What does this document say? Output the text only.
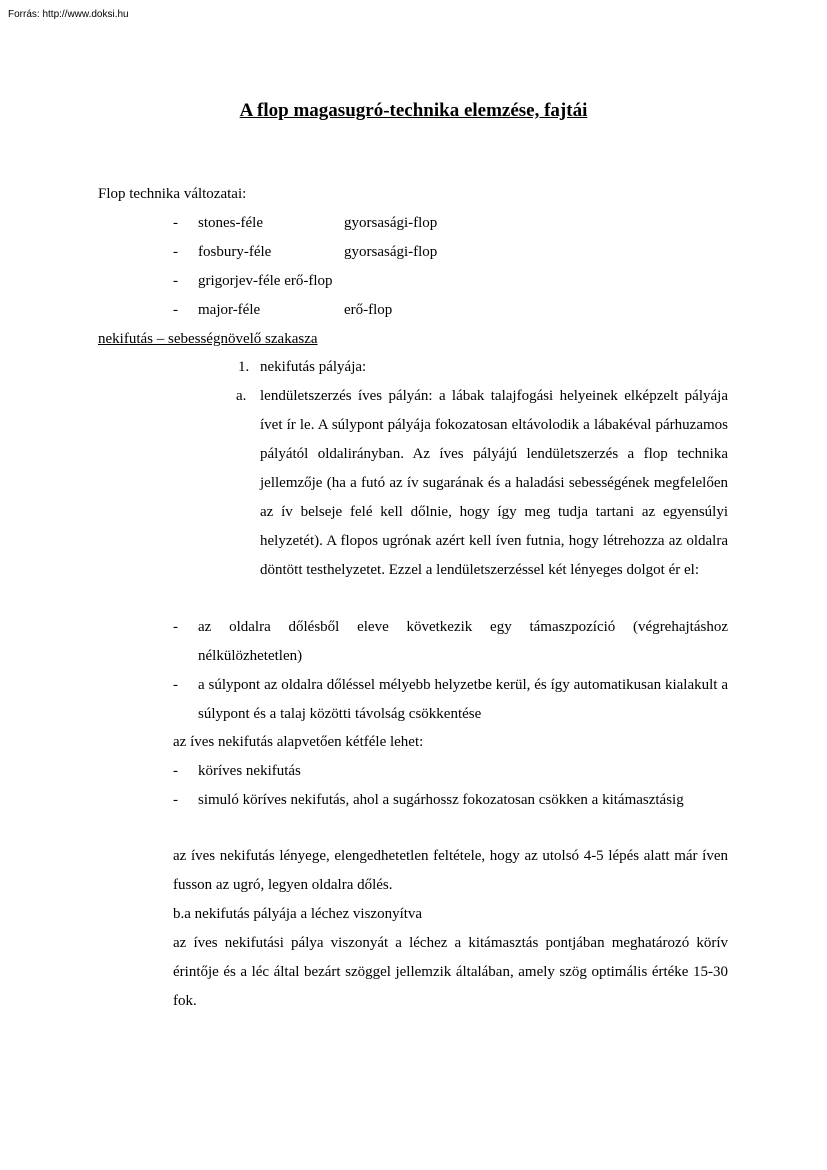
Forrás: http://www.doksi.hu
A flop magasugró-technika elemzése, fajtái
Flop technika változatai:
- stones-féle	gyorsasági-flop
- fosbury-féle	gyorsasági-flop
- grigorjev-féle erő-flop
- major-féle	erő-flop
nekifutás – sebességnövelő szakasza
1. nekifutás pályája:
a. lendületszerzés íves pályán: a lábak talajfogási helyeinek elképzelt pályája ívet ír le. A súlypont pályája fokozatosan eltávolodik a lábakéval párhuzamos pályától oldalirányban. Az íves pályájú lendületszerzés a flop technika jellemzője (ha a futó az ív sugarának és a haladási sebességének megfelelően az ív belseje felé kell dőlnie, hogy így meg tudja tartani az egyensúlyi helyzetét). A flopos ugrónak azért kell íven futnia, hogy létrehozza az oldalra döntött testhelyzetet. Ezzel a lendületszerzéssel két lényeges dolgot ér el:

- az oldalra dőlésből eleve következik egy támaszpozíció (végrehajtáshoz nélkülözhetetlen)

- a súlypont az oldalra dőléssel mélyebb helyzetbe kerül, és így automatikusan kialakult a súlypont és a talaj közötti távolság csökkentése

az íves nekifutás alapvetően kétféle lehet:
- köríves nekifutás
- simuló köríves nekifutás, ahol a sugárhossz fokozatosan csökken a kitámasztásig

az íves nekifutás lényege, elengedhetetlen feltétele, hogy az utolsó 4-5 lépés alatt már íven fusson az ugró, legyen oldalra dőlés.

b.a nekifutás pályája a léchez viszonyítva

az íves nekifutási pálya viszonyát a léchez a kitámasztás pontjában meghatározó körív érintője és a léc által bezárt szöggel jellemzik általában, amely szög optimális értéke 15-30 fok.
